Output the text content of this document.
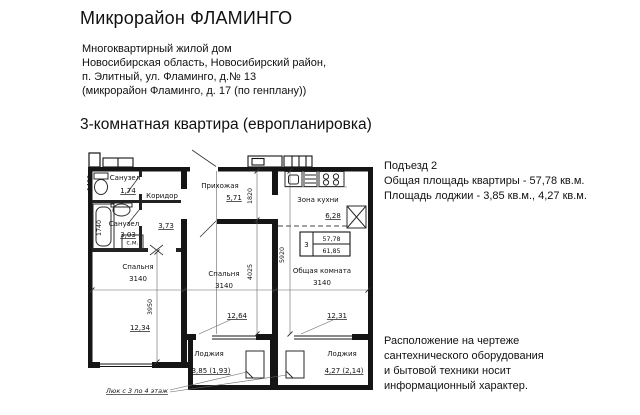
Микрорайон ФЛАМИНГО
Многоквартирный жилой дом
Новосибирская область, Новосибирский район,
п. Элитный, ул. Фламинго, д.№ 13
(микрорайон Фламинго, д. 17 (по генплану))
3-комнатная квартира (европланировка)
Подъезд 2
Общая площадь квартиры - 57,78 кв.м.
Площадь лоджии - 3,85 кв.м., 4,27 кв.м.
Расположение на чертеже
сантехнического оборудования
и бытовой техники носит
информационный характер.
с.м.	3
57,78
61,85
Санузел
1,74
Санузел
3,03
Коридор
3,73
Прихожая
5,71	Зона кухни
6,28
Спальня
3140
12,34
Спальня
3140
12,64
Общая комната
3140
12,31
Лоджия
3,85 (1,93)
Лоджия
4,27 (2,14)
Люк с 3 по 4 этаж
1400
1740
3950
1820
4025
5920
